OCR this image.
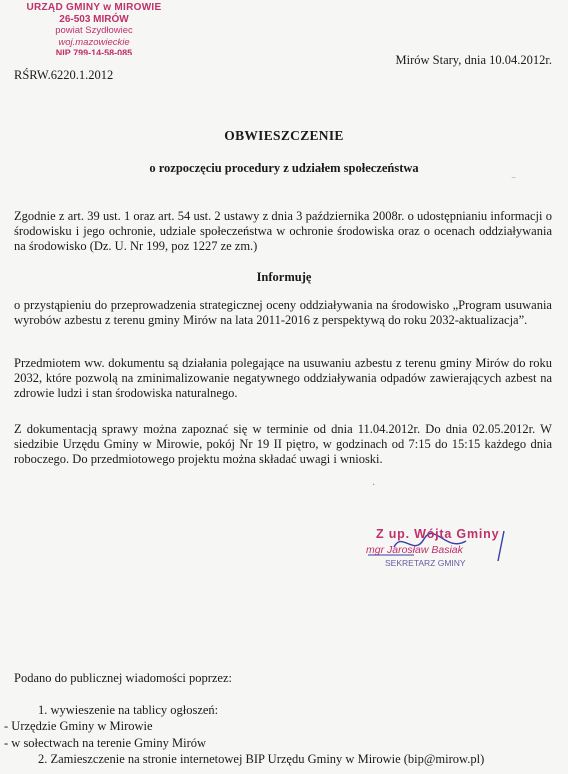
URZĄD GMINY w MIROWIE
26-503 MIRÓW
powiat Szydłowiec
woj.mazowieckie
NIP 799-14-58-085	Mirów Stary, dnia 10.04.2012r.
RŚRW.6220.1.2012
OBWIESZCZENIE
o rozpoczęciu procedury z udziałem społeczeństwa
Zgodnie z art. 39 ust. 1 oraz art. 54 ust. 2 ustawy z dnia 3 października 2008r. o udostępnianiu informacji o środowisku i jego ochronie, udziale społeczeństwa w ochronie środowiska oraz o ocenach oddziaływania na środowisko (Dz. U. Nr 199, poz 1227 ze zm.)
Informuję
o przystąpieniu do przeprowadzenia strategicznej oceny oddziaływania na środowisko „Program usuwania wyrobów azbestu z terenu gminy Mirów na lata 2011-2016 z perspektywą do roku 2032-aktualizacja”.
Przedmiotem ww. dokumentu są działania polegające na usuwaniu azbestu z terenu gminy Mirów do roku 2032, które pozwolą na zminimalizowanie negatywnego oddziaływania odpadów zawierających azbest na zdrowie ludzi i stan środowiska naturalnego.
Z dokumentacją sprawy można zapoznać się w terminie od dnia 11.04.2012r. Do dnia 02.05.2012r. W siedzibie Urzędu Gminy w Mirowie, pokój Nr 19 II piętro, w godzinach od 7:15 do 15:15 każdego dnia roboczego. Do przedmiotowego projektu można składać uwagi i wnioski.
‾
·
Z up. Wójta Gminy
mgr Jarosław Basiak
SEKRETARZ GMINY
Podano do publicznej wiadomości poprzez:
1. wywieszenie na tablicy ogłoszeń:
- Urzędzie Gminy w Mirowie
- w sołectwach na terenie Gminy Mirów
2. Zamieszczenie na stronie internetowej BIP Urzędu Gminy w Mirowie (bip@mirow.pl)
